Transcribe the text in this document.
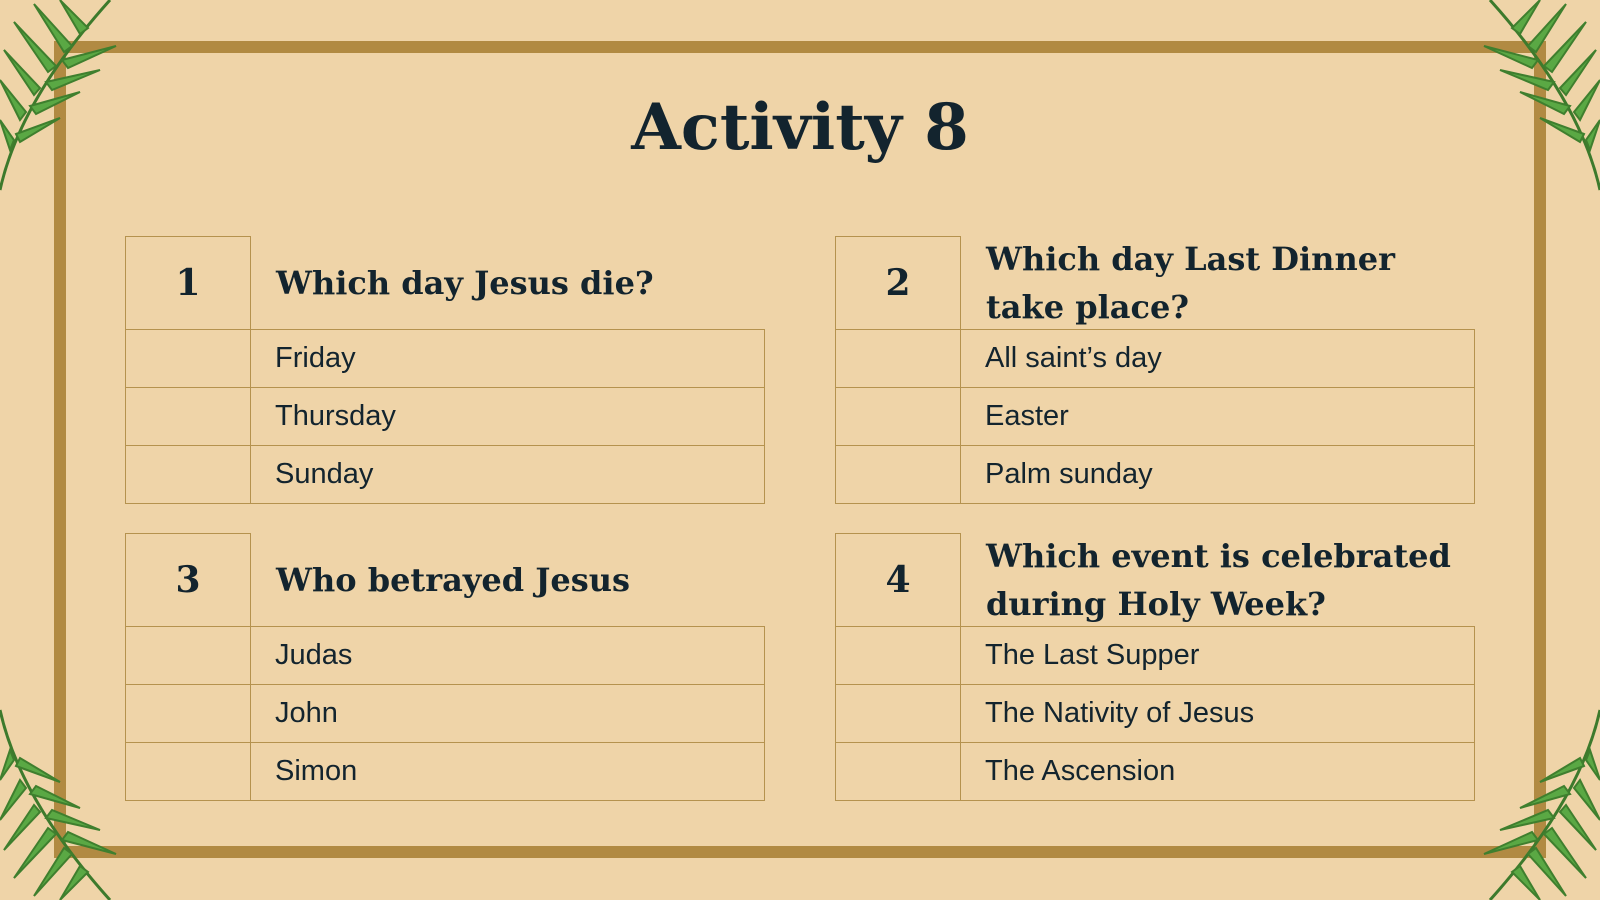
Activity 8
1	Which day Jesus die?
Friday
Thursday
Sunday
2
Which day Last Dinner take place?
All saint’s day
Easter
Palm sunday
3	Who betrayed Jesus
Judas
John
Simon
4
Which event is celebrated during Holy Week?
The Last Supper
The Nativity of Jesus
The Ascension
